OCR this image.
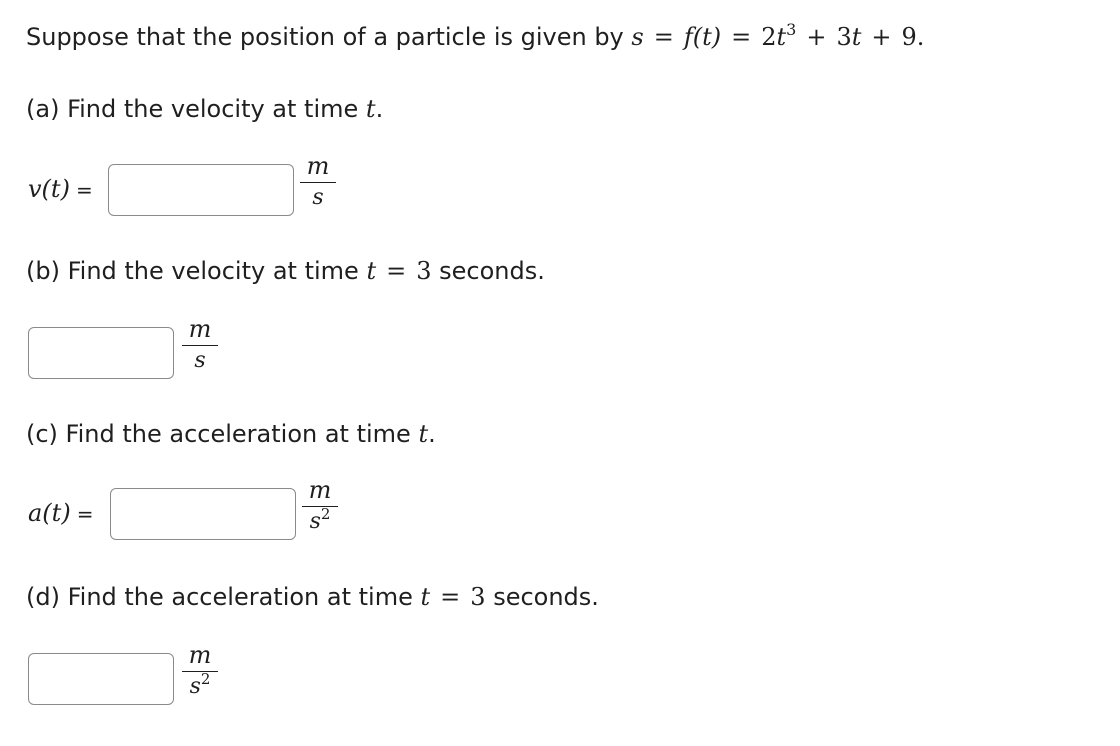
Suppose that the position of a particle is given by $s = f(t) = 2t^3 + 3t + 9$.
(a) Find the velocity at time t.
v(t) =
m
s
(b) Find the velocity at time t = 3 seconds.
m
s
(c) Find the acceleration at time t.
a(t) =
m
$s^2$
(d) Find the acceleration at time t = 3 seconds.
m
$s^2$
